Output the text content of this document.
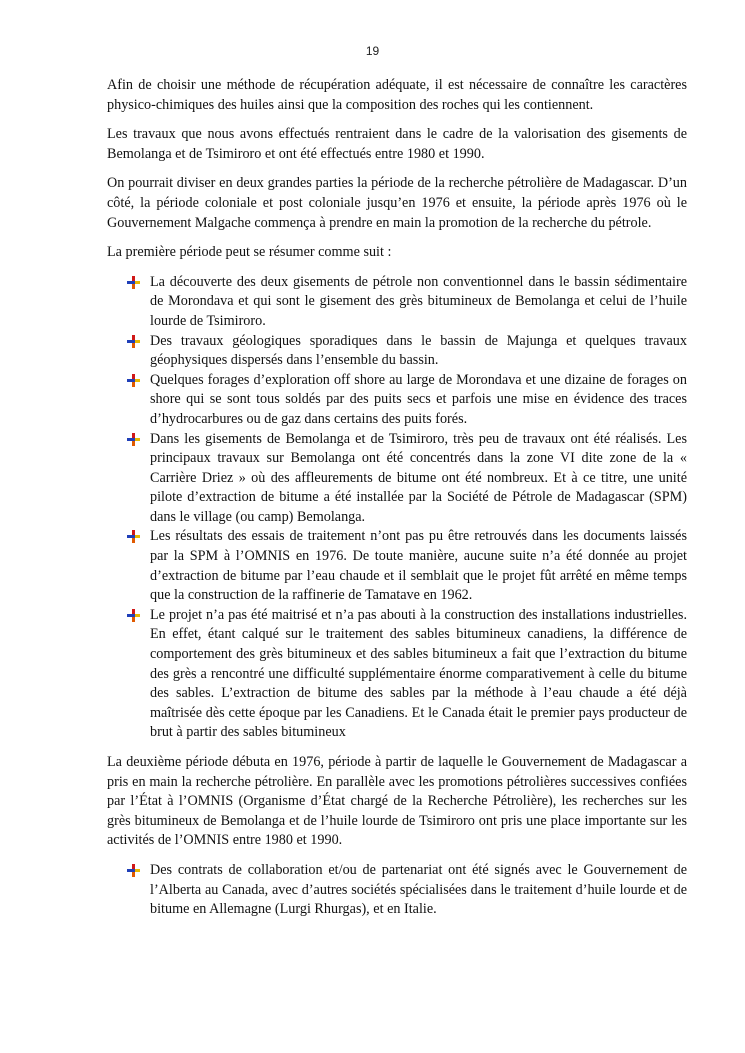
19

Afin de choisir une méthode de récupération adéquate, il est nécessaire de connaître les caractères physico-chimiques des huiles ainsi que la composition des roches qui les contiennent.

Les travaux que nous avons effectués rentraient dans le cadre de la valorisation des gisements de Bemolanga et de Tsimiroro et ont été effectués entre 1980 et 1990.

On pourrait diviser en deux grandes parties la période de la recherche pétrolière de Madagascar. D’un côté, la période coloniale et post coloniale jusqu’en 1976 et ensuite, la période après 1976 où le Gouvernement Malgache commença à prendre en main la promotion de la recherche du pétrole.

La première période peut se résumer comme suit :

La découverte des deux gisements de pétrole non conventionnel dans le bassin sédimentaire de Morondava et qui sont le gisement des grès bitumineux de Bemolanga et celui de l’huile lourde de Tsimiroro.
Des travaux géologiques sporadiques dans le bassin de Majunga et quelques travaux géophysiques dispersés dans l’ensemble du bassin.
Quelques forages d’exploration off shore au large de Morondava et une dizaine de forages on shore qui se sont tous soldés par des puits secs et parfois une mise en évidence des traces d’hydrocarbures ou de gaz dans certains des puits forés.
Dans les gisements de Bemolanga et de Tsimiroro, très peu de travaux ont été réalisés. Les principaux travaux sur Bemolanga ont été concentrés dans la zone VI dite zone de la « Carrière Driez » où des affleurements de bitume ont été nombreux. Et à ce titre, une unité pilote d’extraction de bitume a été installée par la Société de Pétrole de Madagascar (SPM) dans le village (ou camp) Bemolanga.
Les résultats des essais de traitement n’ont pas pu être retrouvés dans les documents laissés par la SPM à l’OMNIS en 1976. De toute manière, aucune suite n’a été donnée au projet d’extraction de bitume par l’eau chaude et il semblait que le projet fût arrêté en même temps que la construction de la raffinerie de Tamatave en 1962.
Le projet n’a pas été maitrisé et n’a pas abouti à la construction des installations industrielles. En effet, étant calqué sur le traitement des sables bitumineux canadiens, la différence de comportement des grès bitumineux et des sables bitumineux a fait que l’extraction du bitume des grès a rencontré une difficulté supplémentaire énorme comparativement à celle du bitume des sables. L’extraction de bitume des sables par la méthode à l’eau chaude a été déjà maîtrisée dès cette époque par les Canadiens. Et le Canada était le premier pays producteur de brut à partir des sables bitumineux

La deuxième période débuta en 1976, période à partir de laquelle le Gouvernement de Madagascar a pris en main la recherche pétrolière. En parallèle avec les promotions pétrolières successives confiées par l’État à l’OMNIS (Organisme d’État chargé de la Recherche Pétrolière), les recherches sur les grès bitumineux de Bemolanga et de l’huile lourde de Tsimiroro ont pris une place importante sur les activités de l’OMNIS entre 1980 et 1990.

Des contrats de collaboration et/ou de partenariat ont été signés avec le Gouvernement de l’Alberta au Canada, avec d’autres sociétés spécialisées dans le traitement d’huile lourde et de bitume en Allemagne (Lurgi Rhurgas), et en Italie.
